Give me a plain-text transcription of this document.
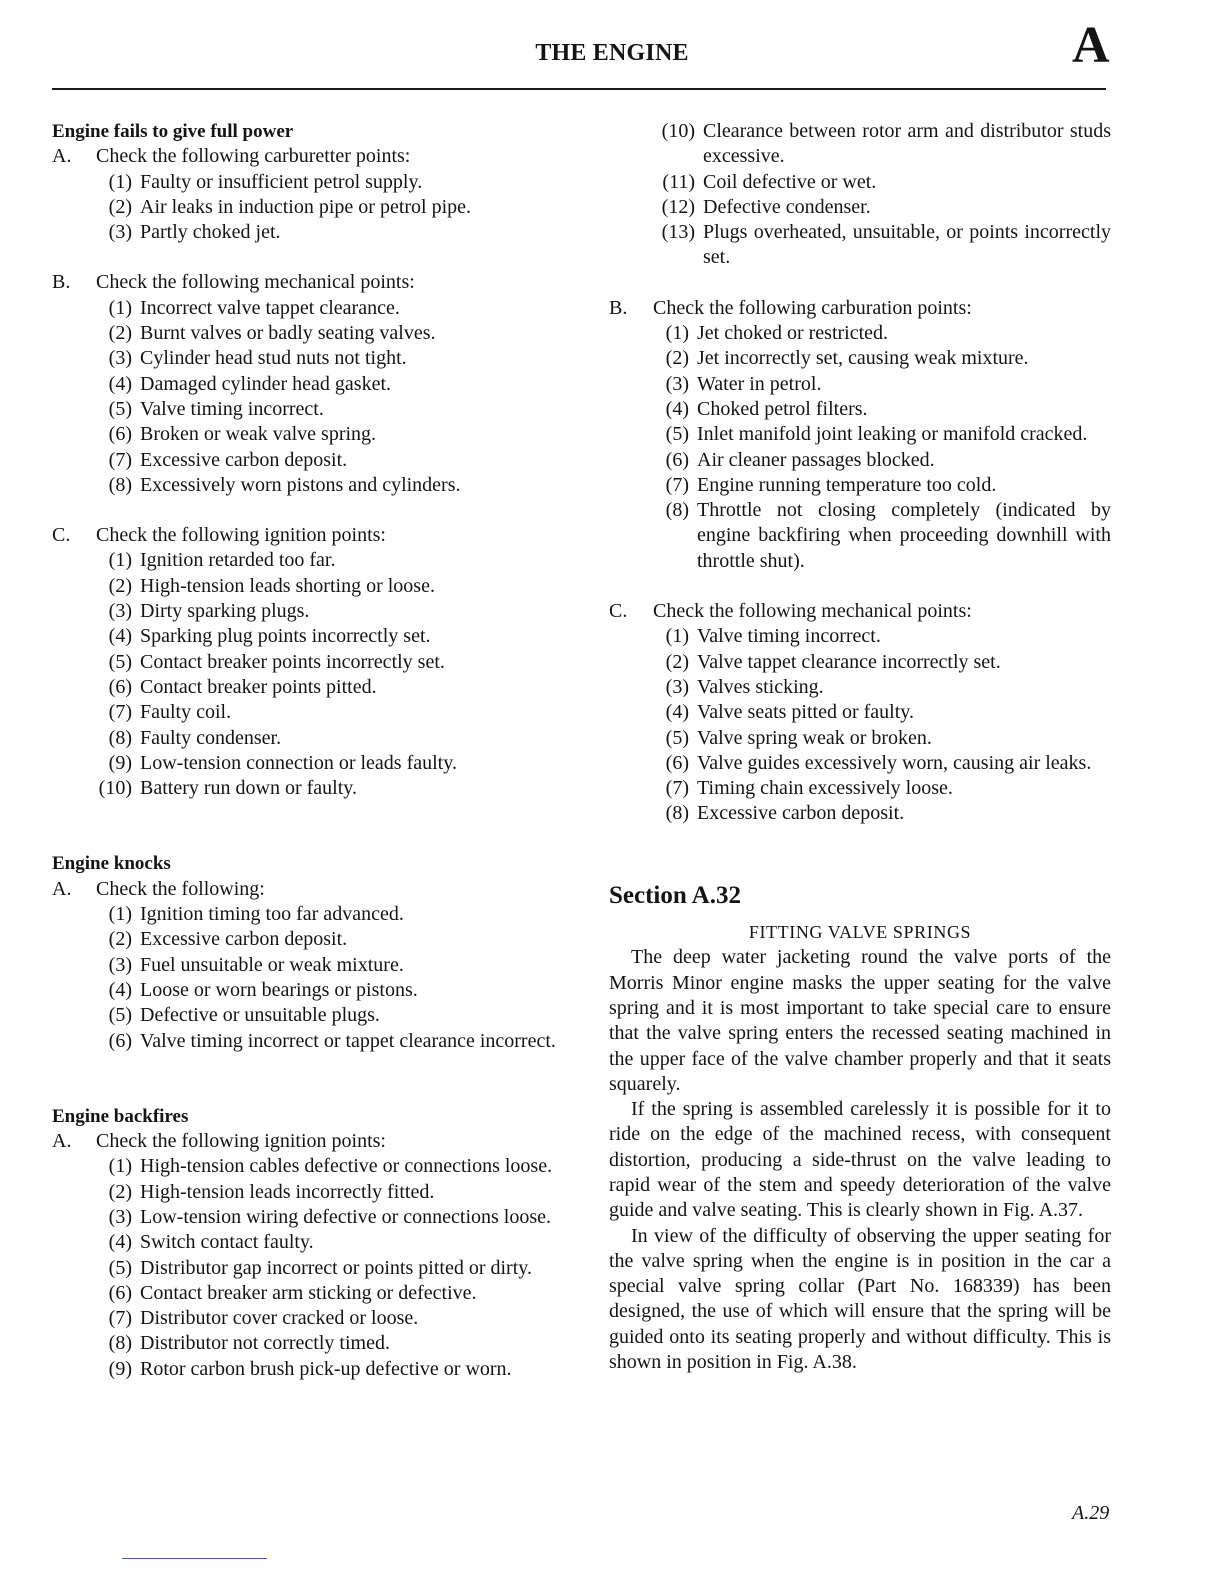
THE ENGINE	A
Engine fails to give full power
A.	Check the following carburetter points:
(1) Faulty or insufficient petrol supply.
(2) Air leaks in induction pipe or petrol pipe.
(3) Partly choked jet.
B.	Check the following mechanical points:
(1) Incorrect valve tappet clearance.
(2) Burnt valves or badly seating valves.
(3) Cylinder head stud nuts not tight.
(4) Damaged cylinder head gasket.
(5) Valve timing incorrect.
(6) Broken or weak valve spring.
(7) Excessive carbon deposit.
(8) Excessively worn pistons and cylinders.
C.	Check the following ignition points:
(1) Ignition retarded too far.
(2) High-tension leads shorting or loose.
(3) Dirty sparking plugs.
(4) Sparking plug points incorrectly set.
(5) Contact breaker points incorrectly set.
(6) Contact breaker points pitted.
(7) Faulty coil.
(8) Faulty condenser.
(9) Low-tension connection or leads faulty.
(10) Battery run down or faulty.
Engine knocks
A.	Check the following:
(1) Ignition timing too far advanced.
(2) Excessive carbon deposit.
(3) Fuel unsuitable or weak mixture.
(4) Loose or worn bearings or pistons.
(5) Defective or unsuitable plugs.
(6) Valve timing incorrect or tappet clearance incorrect.
Engine backfires
A.	Check the following ignition points:
(1) High-tension cables defective or connections loose.
(2) High-tension leads incorrectly fitted.
(3) Low-tension wiring defective or connections loose.
(4) Switch contact faulty.
(5) Distributor gap incorrect or points pitted or dirty.
(6) Contact breaker arm sticking or defective.
(7) Distributor cover cracked or loose.
(8) Distributor not correctly timed.
(9) Rotor carbon brush pick-up defective or worn.
(10) Clearance between rotor arm and distributor studs excessive.
(11) Coil defective or wet.
(12) Defective condenser.
(13) Plugs overheated, unsuitable, or points incorrectly set.
B.	Check the following carburation points:
(1) Jet choked or restricted.
(2) Jet incorrectly set, causing weak mixture.
(3) Water in petrol.
(4) Choked petrol filters.
(5) Inlet manifold joint leaking or manifold cracked.
(6) Air cleaner passages blocked.
(7) Engine running temperature too cold.
(8) Throttle not closing completely (indicated by engine backfiring when proceeding downhill with throttle shut).
C.	Check the following mechanical points:
(1) Valve timing incorrect.
(2) Valve tappet clearance incorrectly set.
(3) Valves sticking.
(4) Valve seats pitted or faulty.
(5) Valve spring weak or broken.
(6) Valve guides excessively worn, causing air leaks.
(7) Timing chain excessively loose.
(8) Excessive carbon deposit.
Section A.32
FITTING VALVE SPRINGS
The deep water jacketing round the valve ports of the Morris Minor engine masks the upper seating for the valve spring and it is most important to take special care to ensure that the valve spring enters the recessed seating machined in the upper face of the valve chamber properly and that it seats squarely.
If the spring is assembled carelessly it is possible for it to ride on the edge of the machined recess, with consequent distortion, producing a side-thrust on the valve leading to rapid wear of the stem and speedy deterioration of the valve guide and valve seating. This is clearly shown in Fig. A.37.
In view of the difficulty of observing the upper seating for the valve spring when the engine is in position in the car a special valve spring collar (Part No. 168339) has been designed, the use of which will ensure that the spring will be guided onto its seating properly and without difficulty. This is shown in position in Fig. A.38.
A.29
